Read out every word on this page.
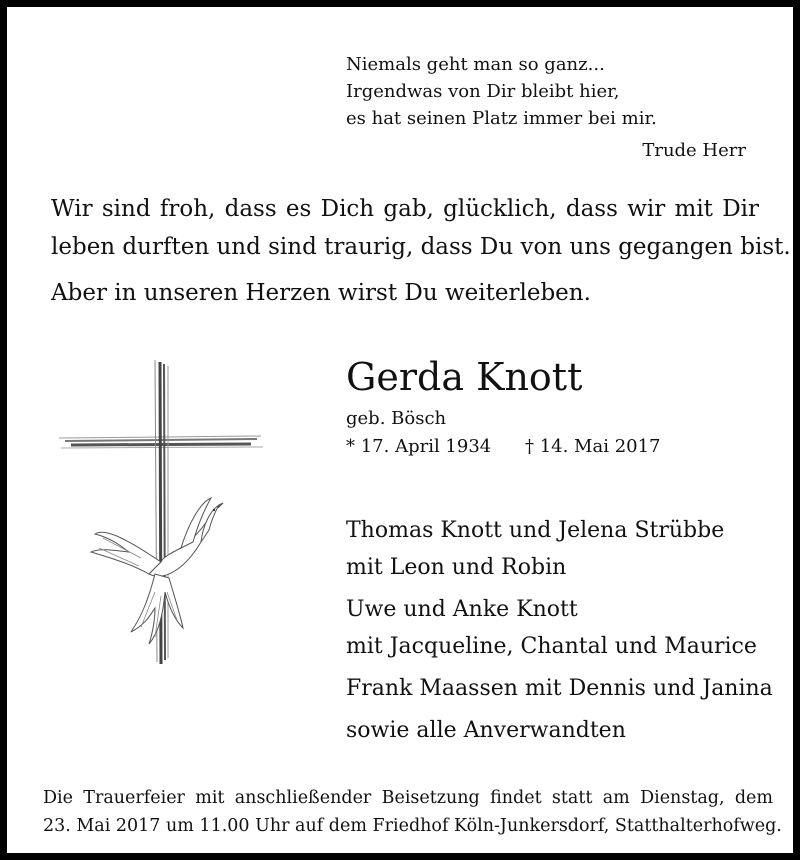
Niemals geht man so ganz...
Irgendwas von Dir bleibt hier,
es hat seinen Platz immer bei mir.
Trude Herr
Wir sind froh, dass es Dich gab, glücklich, dass wir mit Dir
leben durften und sind traurig, dass Du von uns gegangen bist.
Aber in unseren Herzen wirst Du weiterleben.
Gerda Knott
geb. Bösch
* 17. April 1934 † 14. Mai 2017
Thomas Knott und Jelena Strübbe
mit Leon und Robin
Uwe und Anke Knott
mit Jacqueline, Chantal und Maurice
Frank Maassen mit Dennis und Janina
sowie alle Anverwandten
Die Trauerfeier mit anschließender Beisetzung findet statt am Dienstag, dem
23. Mai 2017 um 11.00 Uhr auf dem Friedhof Köln-Junkersdorf, Statthalterhofweg.
